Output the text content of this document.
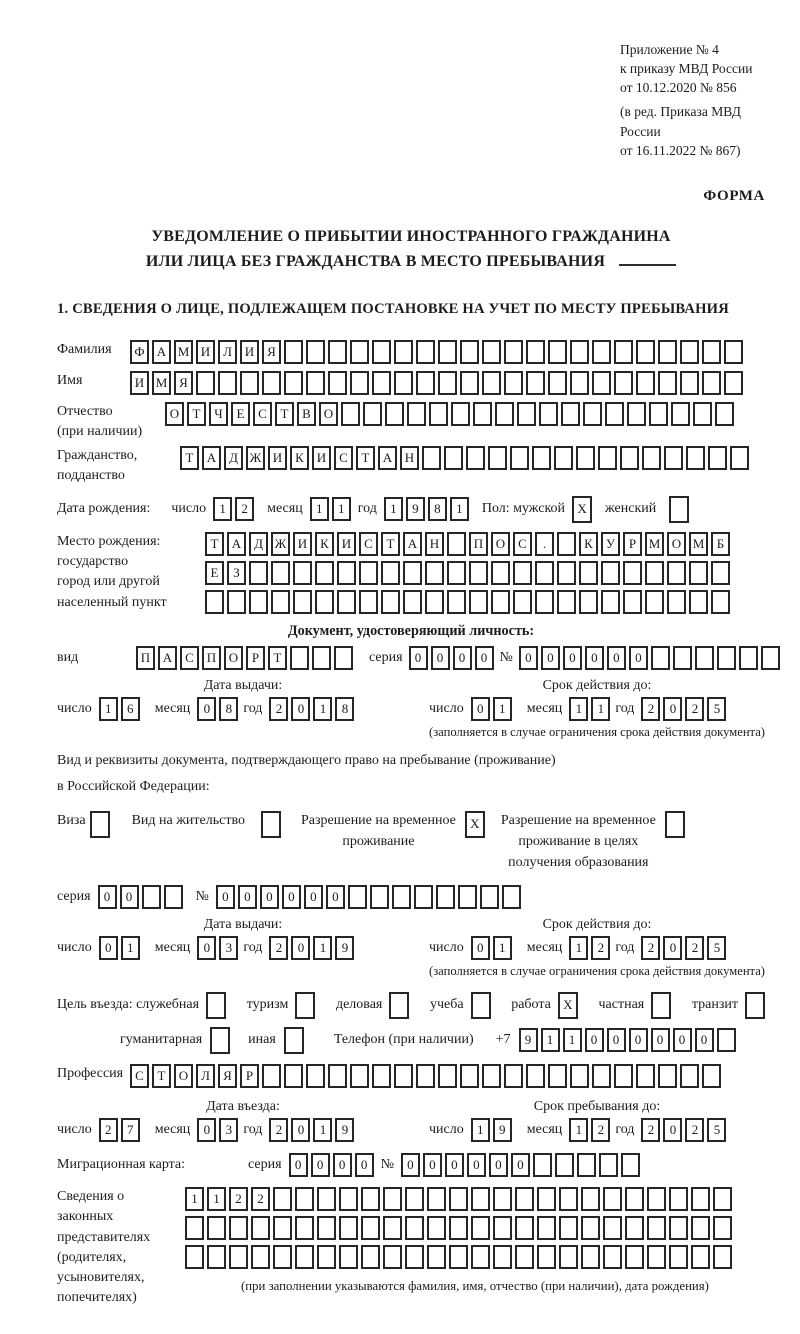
Приложение № 4
к приказу МВД России
от 10.12.2020 № 856
(в ред. Приказа МВД России
от 16.11.2022 № 867)
ФОРМА
УВЕДОМЛЕНИЕ О ПРИБЫТИИ ИНОСТРАННОГО ГРАЖДАНИНА
ИЛИ ЛИЦА БЕЗ ГРАЖДАНСТВА В МЕСТО ПРЕБЫВАНИЯ
1. СВЕДЕНИЯ О ЛИЦЕ, ПОДЛЕЖАЩЕМ ПОСТАНОВКЕ НА УЧЕТ ПО МЕСТУ ПРЕБЫВАНИЯ
Фамилия	Ф А М И Л И Я
Имя	И М Я
Отчество
(при наличии)
О	Т	Ч	Е	С	Т	В О
Гражданство,
подданство
Т	А Д Ж И К И С	Т	А Н
Дата рождения: число	1	2	месяц	1	1 год	1	9	8	1	Пол: мужской X	женский
Место рождения:
государство
город или другой
населенный пункт
Т	А Д Ж И К И С	Т	А Н	П О С	.	К	У	Р М О М Б
Е	З
Документ, удостоверяющий личность:
вид	П А С П О	Р	Т	серия 0	0	0	0 № 0	0	0	0	0	0
Дата выдачи:
число	1	6	месяц	0	8 год	2	0	1	8
Срок действия до:
число	0	1	месяц	1	1 год	2	0	2	5
(заполняется в случае ограничения срока действия документа)
Вид и реквизиты документа, подтверждающего право на пребывание (проживание)
в Российской Федерации:
Виза	Вид на жительство	Разрешение на временное
проживание
X	Разрешение на временное
проживание в целях
получения образования
серия	0	0	№	0	0	0	0	0	0
Дата выдачи:
число	0	1	месяц	0	3 год	2	0	1	9
Срок действия до:
число	0	1	месяц	1	2 год	2	0	2	5
(заполняется в случае ограничения срока действия документа)
Цель въезда: служебная	туризм	деловая	учеба	работа X	частная	транзит
гуманитарная	иная	Телефон (при наличии) +7	9	1	1	0	0	0	0	0	0
Профессия С	Т	О Л	Я	Р
Дата въезда:
число	2	7	месяц	0	3 год	2	0	1	9
Срок пребывания до:
число	1	9	месяц	1	2 год	2	0	2	5
Миграционная карта:	серия	0	0	0	0 №	0	0	0	0	0	0
Сведения о
законных
представителях
(родителях,
усыновителях,
попечителях)
1	1	2	2
(при заполнении указываются фамилия, имя, отчество (при наличии), дата рождения)
